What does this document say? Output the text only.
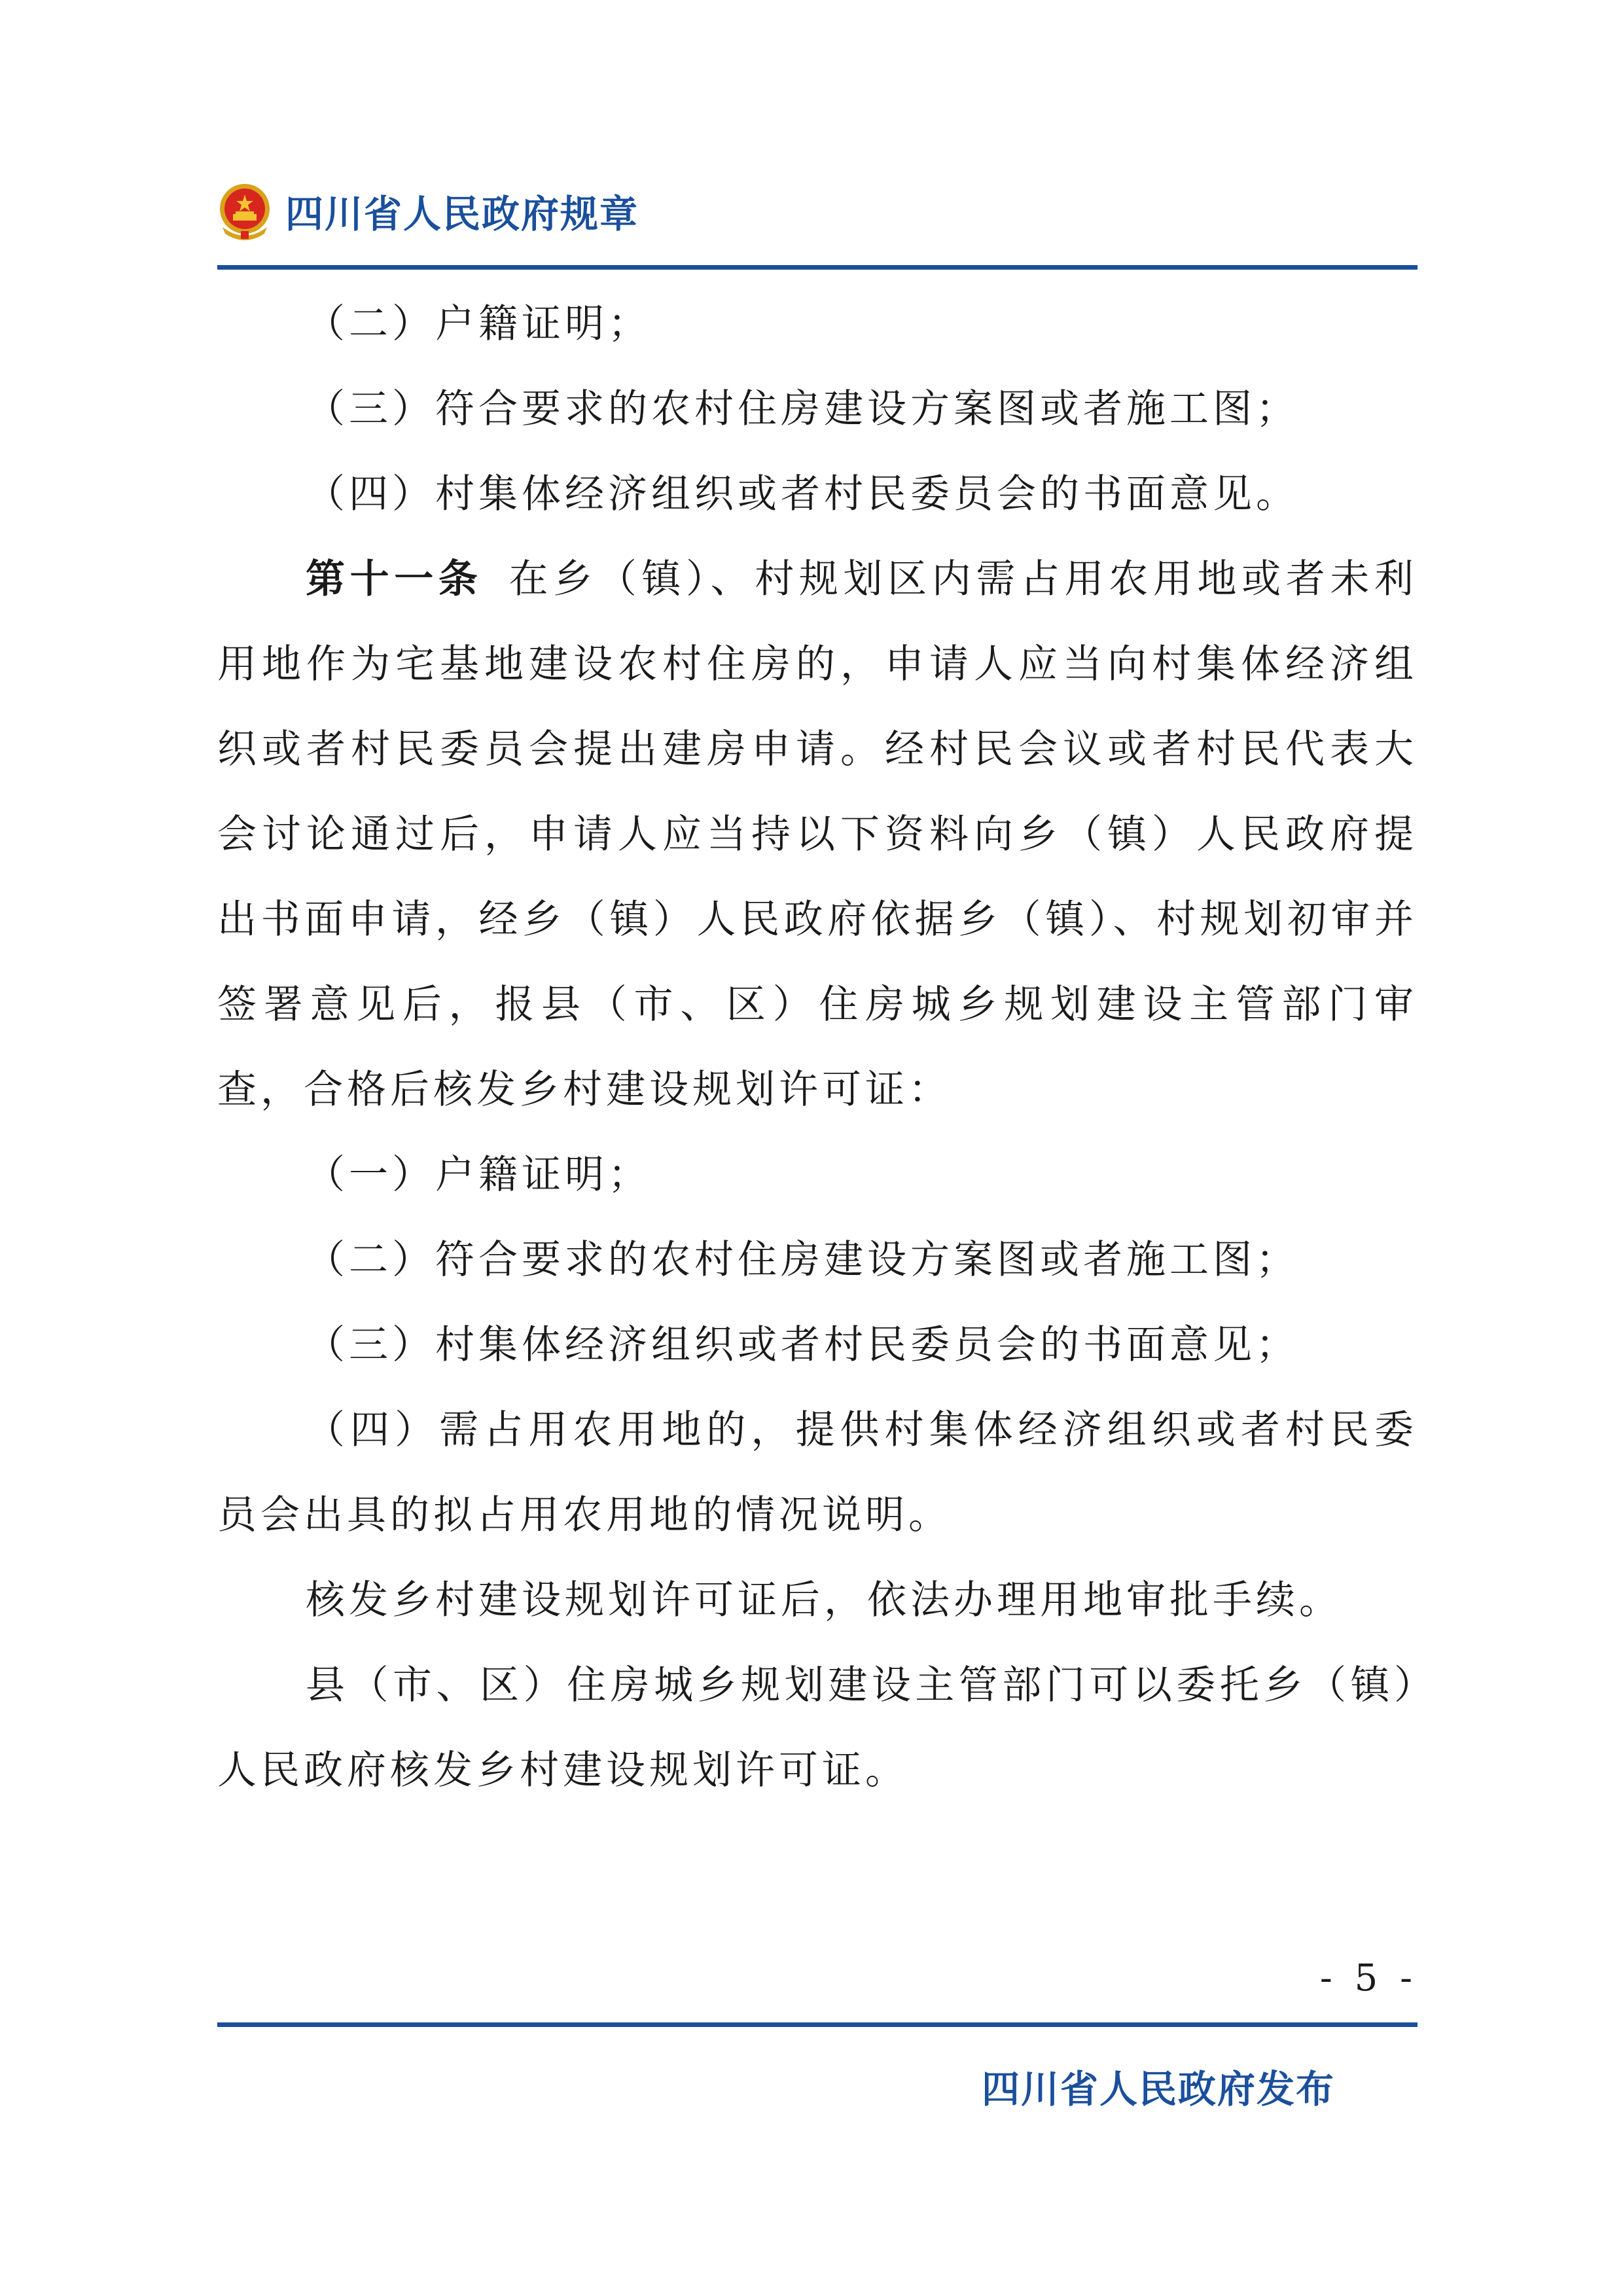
四川省人民政府规章

（二）户籍证明；

（三）符合要求的农村住房建设方案图或者施工图；

（四）村集体经济组织或者村民委员会的书面意见。

第十一条 在乡（镇）、村规划区内需占用农用地或者未利用地作为宅基地建设农村住房的，申请人应当向村集体经济组织或者村民委员会提出建房申请。经村民会议或者村民代表大会讨论通过后，申请人应当持以下资料向乡（镇）人民政府提出书面申请，经乡（镇）人民政府依据乡（镇）、村规划初审并签署意见后，报县（市、区）住房城乡规划建设主管部门审查，合格后核发乡村建设规划许可证：

（一）户籍证明；

（二）符合要求的农村住房建设方案图或者施工图；

（三）村集体经济组织或者村民委员会的书面意见；

（四）需占用农用地的，提供村集体经济组织或者村民委员会出具的拟占用农用地的情况说明。

核发乡村建设规划许可证后，依法办理用地审批手续。

县（市、区）住房城乡规划建设主管部门可以委托乡（镇）人民政府核发乡村建设规划许可证。

- 5 -
四川省人民政府发布
